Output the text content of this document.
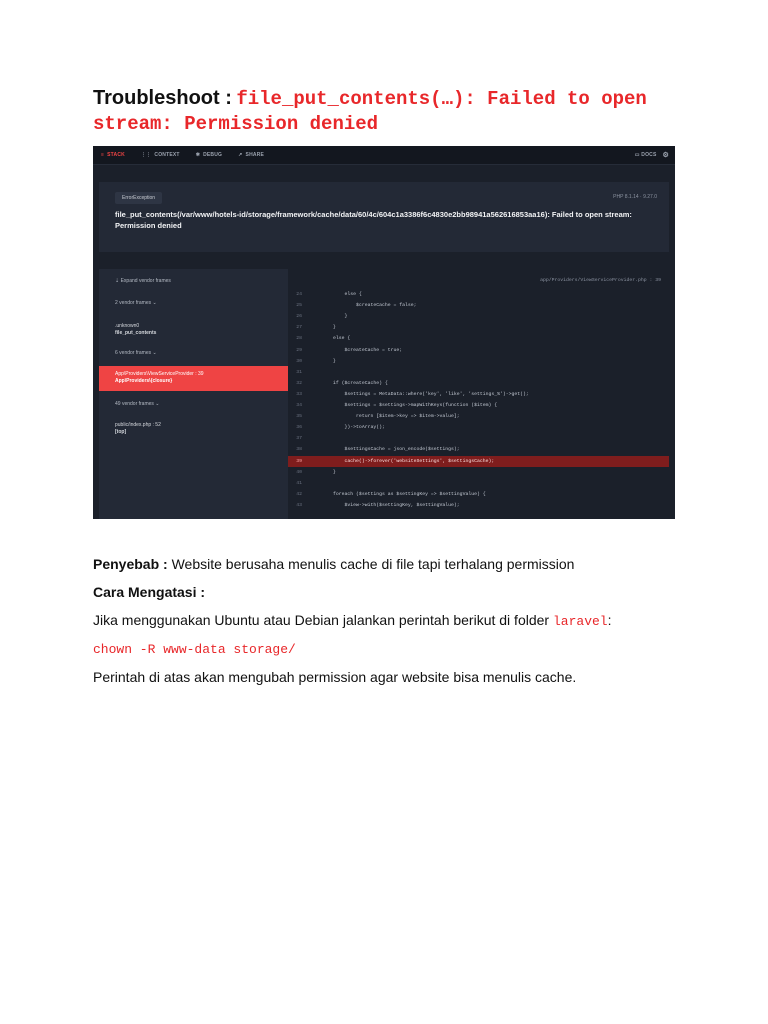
Troubleshoot : file_put_contents(…): Failed to open stream: Permission denied
≡ STACK	⋮⋮ CONTEXT	✱ DEBUG	↗ SHARE	▭ DOCS ⚙
ErrorException	PHP 8.1.14 · 9.27.0
file_put_contents(/var/www/hotels-id/storage/framework/cache/data/60/4c/604c1a3386f6c4830e2bb98941a562616853aa16): Failed to open stream: Permission denied
⇣ Expand vendor frames
2 vendor frames ⌄
.unknown0
file_put_contents
6 vendor frames ⌄
App\Providers\ViewServiceProvider : 39
App\Providers\{closure}
49 vendor frames ⌄
public/index.php : 52
[top]
app/Providers/ViewServiceProvider.php : 39
24            else {
25                $createCache = false;
26            }
27        }
28        else {
29            $createCache = true;
30        }
31
32        if ($createCache) {
33            $settings = MetaData::where('key', 'like', 'settings_%')->get();
34            $settings = $settings->mapWithKeys(function ($item) {
35                return [$item->key => $item->value];
36            })->toArray();
37
38            $settingsCache = json_encode($settings);
39            cache()->forever('websiteSettings', $settingsCache);
40        }
41
42        foreach ($settings as $settingKey => $settingValue) {
43            $view->with($settingKey, $settingValue);
Penyebab : Website berusaha menulis cache di file tapi terhalang permission
Cara Mengatasi :
Jika menggunakan Ubuntu atau Debian jalankan perintah berikut di folder laravel:
chown -R www-data storage/
Perintah di atas akan mengubah permission agar website bisa menulis cache.
